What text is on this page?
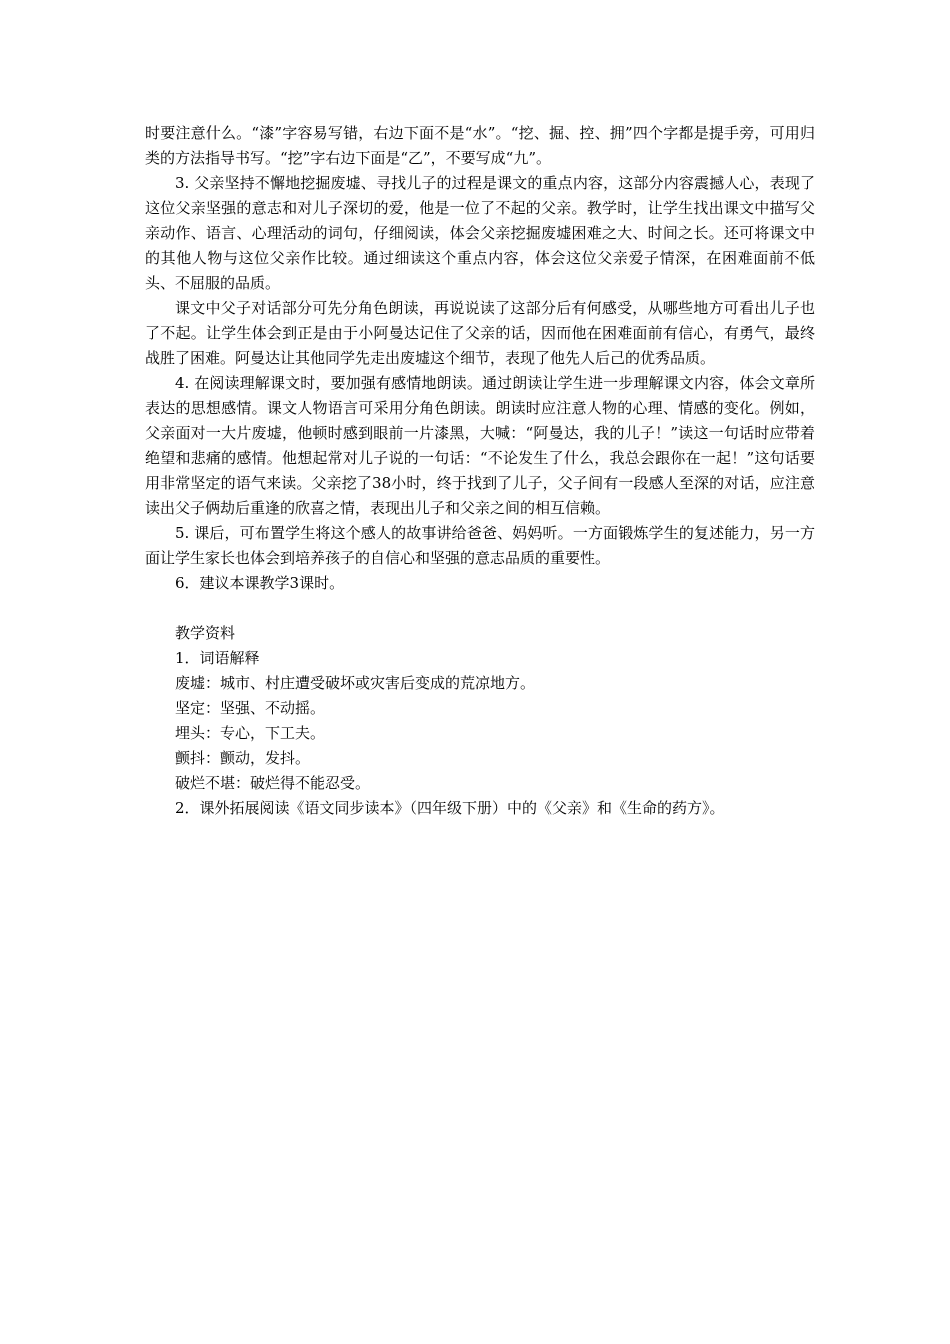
时要注意什么。“漆”字容易写错，右边下面不是“水”。“挖、掘、控、拥”四个字都是提手旁，可用归类的方法指导书写。“挖”字右边下面是“乙”，不要写成“九”。

3. 父亲坚持不懈地挖掘废墟、寻找儿子的过程是课文的重点内容，这部分内容震撼人心，表现了这位父亲坚强的意志和对儿子深切的爱，他是一位了不起的父亲。教学时，让学生找出课文中描写父亲动作、语言、心理活动的词句，仔细阅读，体会父亲挖掘废墟困难之大、时间之长。还可将课文中的其他人物与这位父亲作比较。通过细读这个重点内容，体会这位父亲爱子情深，在困难面前不低头、不屈服的品质。

课文中父子对话部分可先分角色朗读，再说说读了这部分后有何感受，从哪些地方可看出儿子也了不起。让学生体会到正是由于小阿曼达记住了父亲的话，因而他在困难面前有信心，有勇气，最终战胜了困难。阿曼达让其他同学先走出废墟这个细节，表现了他先人后己的优秀品质。

4. 在阅读理解课文时，要加强有感情地朗读。通过朗读让学生进一步理解课文内容，体会文章所表达的思想感情。课文人物语言可采用分角色朗读。朗读时应注意人物的心理、情感的变化。例如，父亲面对一大片废墟，他顿时感到眼前一片漆黑，大喊：“阿曼达，我的儿子！”读这一句话时应带着绝望和悲痛的感情。他想起常对儿子说的一句话：“不论发生了什么，我总会跟你在一起！”这句话要用非常坚定的语气来读。父亲挖了38小时，终于找到了儿子，父子间有一段感人至深的对话，应注意读出父子俩劫后重逢的欣喜之情，表现出儿子和父亲之间的相互信赖。

5. 课后，可布置学生将这个感人的故事讲给爸爸、妈妈听。一方面锻炼学生的复述能力，另一方面让学生家长也体会到培养孩子的自信心和坚强的意志品质的重要性。

6．建议本课教学3课时。

教学资料

1．词语解释

废墟：城市、村庄遭受破坏或灾害后变成的荒凉地方。

坚定：坚强、不动摇。

埋头：专心，下工夫。

颤抖：颤动，发抖。

破烂不堪：破烂得不能忍受。

2．课外拓展阅读《语文同步读本》（四年级下册）中的《父亲》和《生命的药方》。
